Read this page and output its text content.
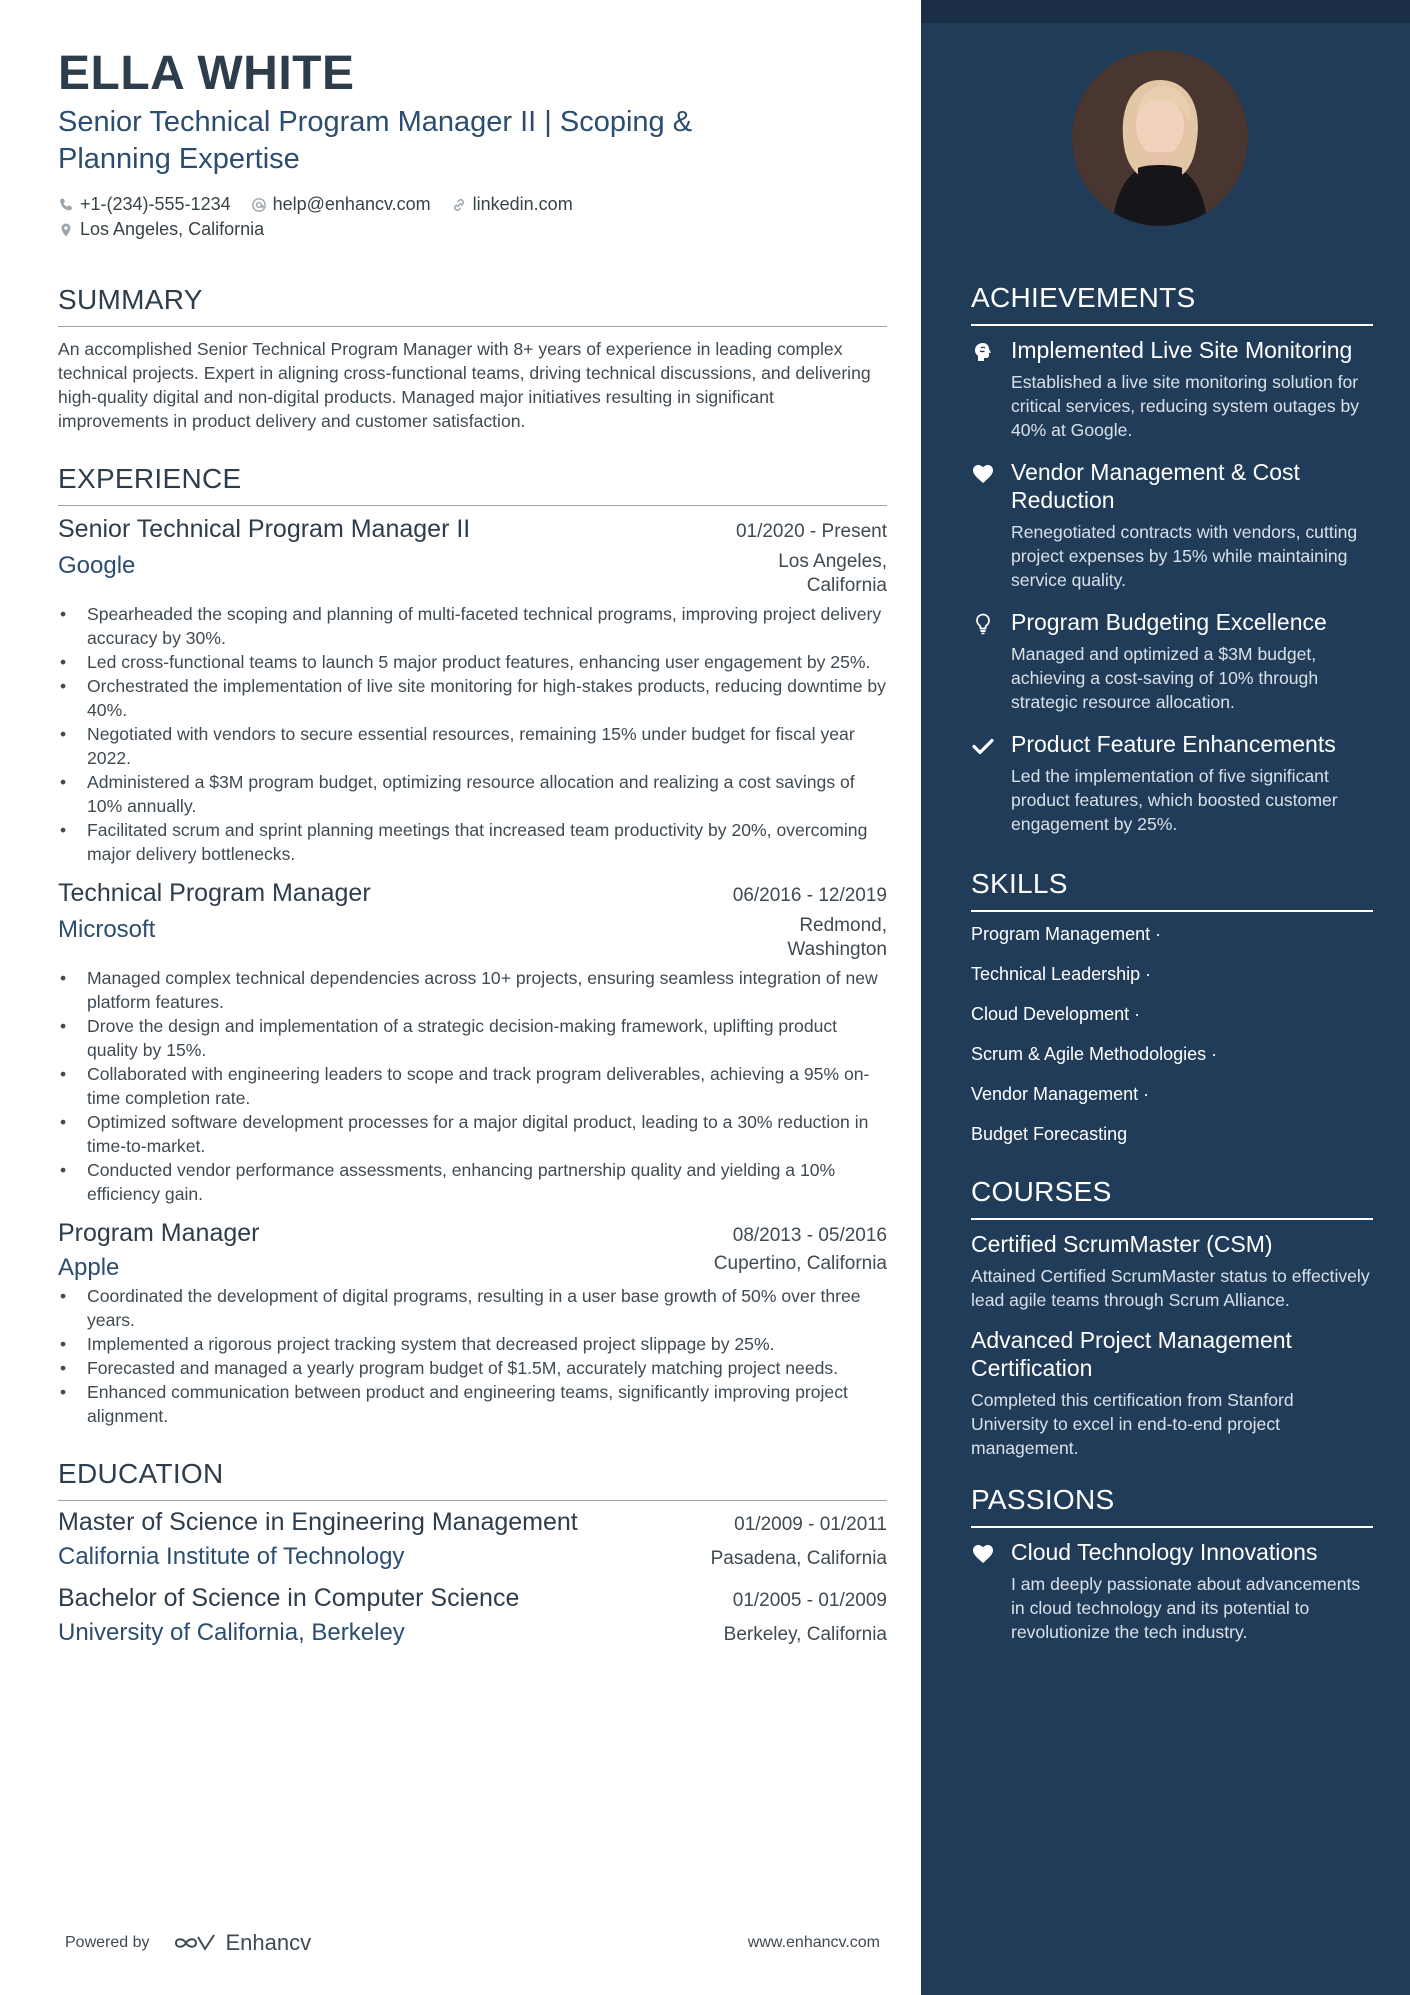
ELLA WHITE
Senior Technical Program Manager II | Scoping & Planning Expertise
+1-(234)-555-1234 help@enhancv.com linkedin.com
Los Angeles, California
SUMMARY

An accomplished Senior Technical Program Manager with 8+ years of experience in leading complex technical projects. Expert in aligning cross-functional teams, driving technical discussions, and delivering high-quality digital and non-digital products. Managed major initiatives resulting in significant improvements in product delivery and customer satisfaction.

EXPERIENCE
Senior Technical Program Manager II	01/2020 - Present
Google	Los Angeles,
California
• Spearheaded the scoping and planning of multi-faceted technical programs, improving project delivery accuracy by 30%.
• Led cross-functional teams to launch 5 major product features, enhancing user engagement by 25%.
• Orchestrated the implementation of live site monitoring for high-stakes products, reducing downtime by 40%.
• Negotiated with vendors to secure essential resources, remaining 15% under budget for fiscal year 2022.
• Administered a $3M program budget, optimizing resource allocation and realizing a cost savings of 10% annually.
• Facilitated scrum and sprint planning meetings that increased team productivity by 20%, overcoming major delivery bottlenecks.
Technical Program Manager	06/2016 - 12/2019
Microsoft	Redmond,
Washington
• Managed complex technical dependencies across 10+ projects, ensuring seamless integration of new platform features.
• Drove the design and implementation of a strategic decision-making framework, uplifting product quality by 15%.
• Collaborated with engineering leaders to scope and track program deliverables, achieving a 95% on-time completion rate.
• Optimized software development processes for a major digital product, leading to a 30% reduction in time-to-market.
• Conducted vendor performance assessments, enhancing partnership quality and yielding a 10% efficiency gain.
Program Manager	08/2013 - 05/2016
Apple	Cupertino, California
• Coordinated the development of digital programs, resulting in a user base growth of 50% over three years.
• Implemented a rigorous project tracking system that decreased project slippage by 25%.
• Forecasted and managed a yearly program budget of $1.5M, accurately matching project needs.
• Enhanced communication between product and engineering teams, significantly improving project alignment.
EDUCATION
Master of Science in Engineering Management	01/2009 - 01/2011
California Institute of Technology	Pasadena, California
Bachelor of Science in Computer Science	01/2005 - 01/2009
University of California, Berkeley	Berkeley, California
Powered by	Enhancv	www.enhancv.com
ACHIEVEMENTS
Implemented Live Site Monitoring
Established a live site monitoring solution for critical services, reducing system outages by 40% at Google.
Vendor Management & Cost Reduction
Renegotiated contracts with vendors, cutting project expenses by 15% while maintaining service quality.
Program Budgeting Excellence
Managed and optimized a $3M budget, achieving a cost-saving of 10% through strategic resource allocation.
Product Feature Enhancements
Led the implementation of five significant product features, which boosted customer engagement by 25%.
SKILLS
Program Management ·
Technical Leadership ·
Cloud Development ·
Scrum & Agile Methodologies ·
Vendor Management ·
Budget Forecasting
COURSES
Certified ScrumMaster (CSM)
Attained Certified ScrumMaster status to effectively lead agile teams through Scrum Alliance.
Advanced Project Management Certification
Completed this certification from Stanford University to excel in end-to-end project management.
PASSIONS
Cloud Technology Innovations
I am deeply passionate about advancements in cloud technology and its potential to revolutionize the tech industry.
